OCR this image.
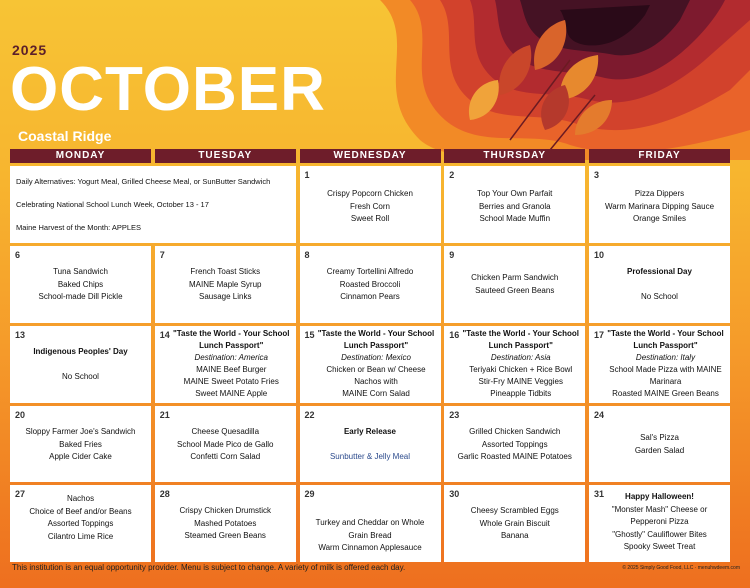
2025
OCTOBER
Coastal Ridge
MONDAY	TUESDAY	WEDNESDAY	THURSDAY	FRIDAY

Daily Alternatives: Yogurt Meal, Grilled Cheese Meal, or SunButter Sandwich

Celebrating National School Lunch Week, October 13 - 17

Maine Harvest of the Month: APPLES

1
Crispy Popcorn Chicken
Fresh Corn
Sweet Roll
2
Top Your Own Parfait
Berries and Granola
School Made Muffin
3
Pizza Dippers
Warm Marinara Dipping Sauce
Orange Smiles
6
Tuna Sandwich
Baked Chips
School-made Dill Pickle
7
French Toast Sticks
MAINE Maple Syrup
Sausage Links
8
Creamy Tortellini Alfredo
Roasted Broccoli
Cinnamon Pears
9
Chicken Parm Sandwich
Sauteed Green Beans
10
Professional Day
No School
13
Indigenous Peoples' Day
No School
14 "Taste the World - Your School Lunch Passport"
Destination: America
MAINE Beef Burger
MAINE Sweet Potato Fries
Sweet MAINE Apple
15 "Taste the World - Your School Lunch Passport"
Destination: Mexico
Chicken or Bean w/ Cheese
Nachos with
MAINE Corn Salad
16 "Taste the World - Your School Lunch Passport"
Destination: Asia
Teriyaki Chicken + Rice Bowl
Stir-Fry MAINE Veggies
Pineapple Tidbits
17 "Taste the World - Your School Lunch Passport"
Destination: Italy
School Made Pizza with MAINE
Marinara
Roasted MAINE Green Beans
20
Sloppy Farmer Joe's Sandwich
Baked Fries
Apple Cider Cake
21
Cheese Quesadilla
School Made Pico de Gallo
Confetti Corn Salad
22
Early Release
Sunbutter & Jelly Meal
23
Grilled Chicken Sandwich
Assorted Toppings
Garlic Roasted MAINE Potatoes
24
Sal's Pizza
Garden Salad
27	Nachos
Choice of Beef and/or Beans
Assorted Toppings
Cilantro Lime Rice
28
Crispy Chicken Drumstick
Mashed Potatoes
Steamed Green Beans
29
Turkey and Cheddar on Whole
Grain Bread
Warm Cinnamon Applesauce
30
Cheesy Scrambled Eggs
Whole Grain Biscuit
Banana
31	Happy Halloween!
"Monster Mash" Cheese or
Pepperoni Pizza
"Ghostly" Cauliflower Bites
Spooky Sweet Treat
This institution is an equal opportunity provider. Menu is subject to change. A variety of milk is offered each day.	© 2025 Simply Good Food, LLC · menuhwdeem.com
